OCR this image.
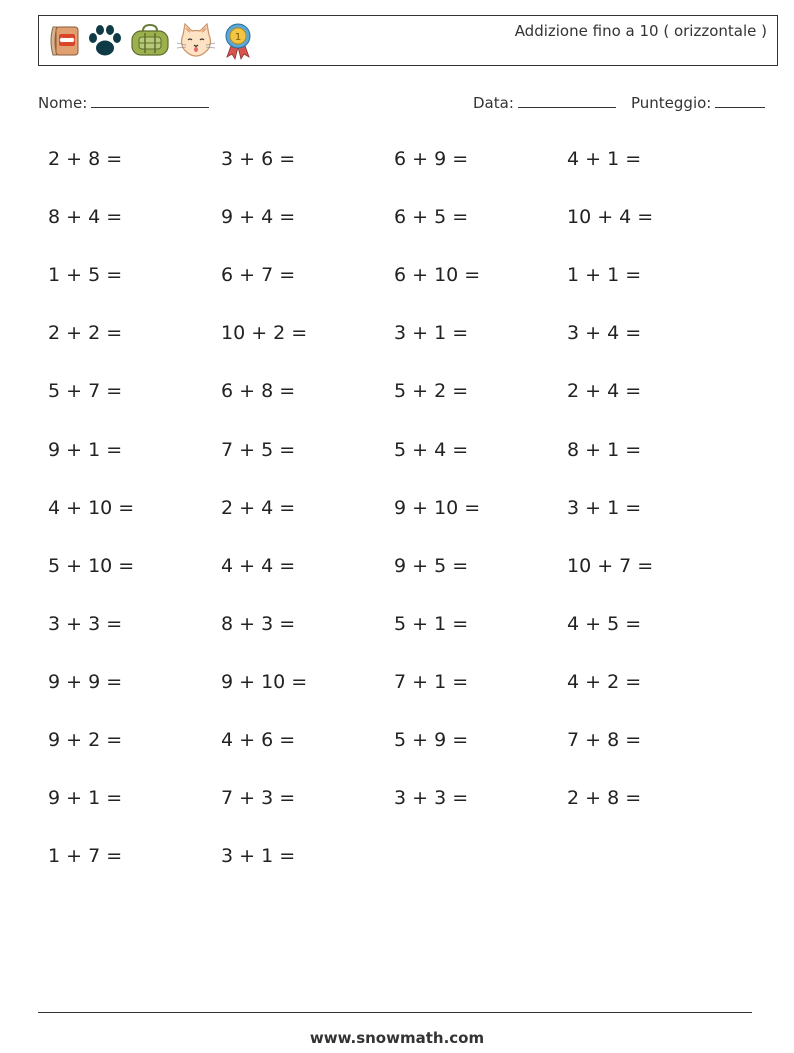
1	Addizione fino a 10 ( orizzontale )
Nome:	Data:	Punteggio:
2 + 8 =	3 + 6 =	6 + 9 =	4 + 1 =
8 + 4 =	9 + 4 =	6 + 5 =	10 + 4 =
1 + 5 =	6 + 7 =	6 + 10 =	1 + 1 =
2 + 2 =	10 + 2 =	3 + 1 =	3 + 4 =
5 + 7 =	6 + 8 =	5 + 2 =	2 + 4 =
9 + 1 =	7 + 5 =	5 + 4 =	8 + 1 =
4 + 10 =	2 + 4 =	9 + 10 =	3 + 1 =
5 + 10 =	4 + 4 =	9 + 5 =	10 + 7 =
3 + 3 =	8 + 3 =	5 + 1 =	4 + 5 =
9 + 9 =	9 + 10 =	7 + 1 =	4 + 2 =
9 + 2 =	4 + 6 =	5 + 9 =	7 + 8 =
9 + 1 =	7 + 3 =	3 + 3 =	2 + 8 =
1 + 7 =	3 + 1 =
www.snowmath.com
